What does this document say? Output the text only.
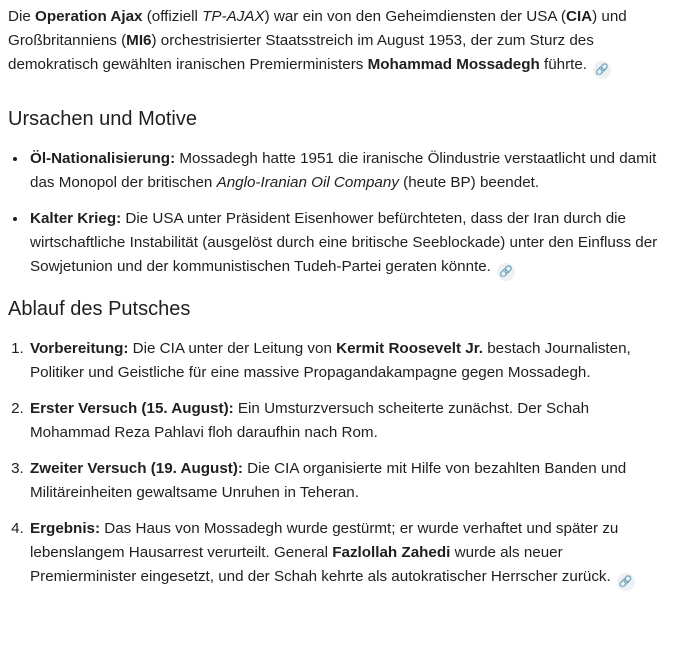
Die Operation Ajax (offiziell TP-AJAX) war ein von den Geheimdiensten der USA (CIA) und Großbritanniens (MI6) orchestrisierter Staatsstreich im August 1953, der zum Sturz des demokratisch gewählten iranischen Premierministers Mohammad Mossadegh führte. 🔗

Ursachen und Motive
• Öl-Nationalisierung: Mossadegh hatte 1951 die iranische Ölindustrie verstaatlicht und damit das Monopol der britischen Anglo-Iranian Oil Company (heute BP) beendet.
• Kalter Krieg: Die USA unter Präsident Eisenhower befürchteten, dass der Iran durch die wirtschaftliche Instabilität (ausgelöst durch eine britische Seeblockade) unter den Einfluss der Sowjetunion und der kommunistischen Tudeh-Partei geraten könnte. 🔗
Ablauf des Putsches
1. Vorbereitung: Die CIA unter der Leitung von Kermit Roosevelt Jr. bestach Journalisten, Politiker und Geistliche für eine massive Propagandakampagne gegen Mossadegh.
2. Erster Versuch (15. August): Ein Umsturzversuch scheiterte zunächst. Der Schah Mohammad Reza Pahlavi floh daraufhin nach Rom.
3. Zweiter Versuch (19. August): Die CIA organisierte mit Hilfe von bezahlten Banden und Militäreinheiten gewaltsame Unruhen in Teheran.
4. Ergebnis: Das Haus von Mossadegh wurde gestürmt; er wurde verhaftet und später zu lebenslangem Hausarrest verurteilt. General Fazlollah Zahedi wurde als neuer Premierminister eingesetzt, und der Schah kehrte als autokratischer Herrscher zurück. 🔗
